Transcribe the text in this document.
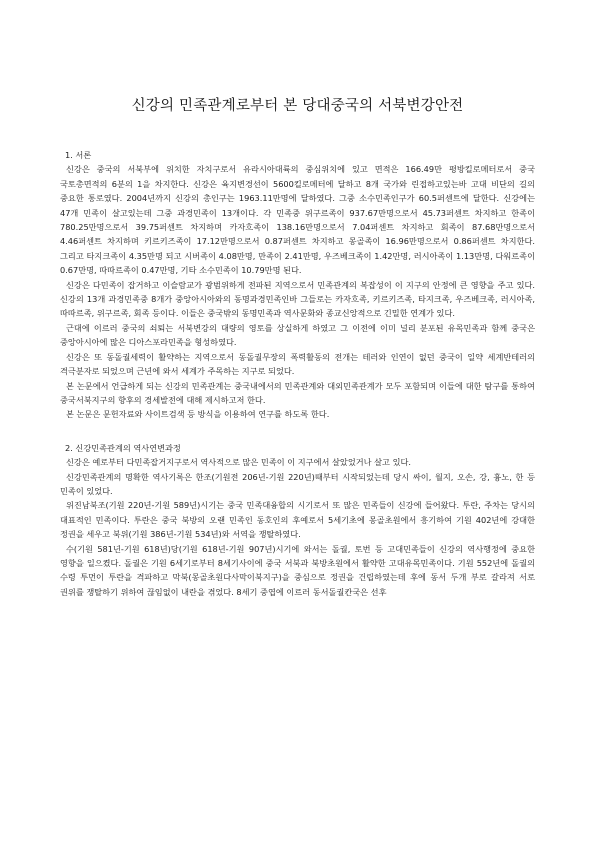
신강의 민족관계로부터 본 당대중국의 서북변강안전

1. 서론

신강은 중국의 서북부에 위치한 자치구로서 유라시아대륙의 중심위치에 있고 면적은 166.49만 평방킬로메터로서 중국 국토총면적의 6분의 1을 차지한다. 신강은 육지변경선이 5600킬로메터에 달하고 8개 국가와 린접하고있는바 고대 비단의 길의 중요한 통로였다. 2004년까지 신강의 총인구는 1963.11만명에 달하였다. 그중 소수민족인구가 60.5퍼센트에 달한다. 신강에는 47개 민족이 살고있는데 그중 과경민족이 13개이다. 각 민족중 위구르족이 937.67만명으로서 45.73퍼센트 차지하고 한족이 780.25만명으로서 39.75퍼센트 차지하며 카자흐족이 138.16만명으로서 7.04퍼센트 차지하고 회족이 87.68만명으로서 4.46퍼센트 차지하며 키르키즈족이 17.12만명으로서 0.87퍼센트 차지하고 몽골족이 16.96만명으로서 0.86퍼센트 차지한다. 그리고 타지크족이 4.35만명 되고 시버족이 4.08만명, 만족이 2.41만명, 우즈베크족이 1.42만명, 러시아족이 1.13만명, 다워르족이 0.67만명, 따따르족이 0.47만명, 기타 소수민족이 10.79만명 된다.

신강은 다민족이 잡거하고 이슬람교가 광범위하게 전파된 지역으로서 민족관계의 복잡성이 이 지구의 안정에 큰 영향을 주고 있다. 신강의 13개 과경민족중 8개가 중앙아시아와의 동명과경민족인바 그들로는 카자흐족, 키르키즈족, 타지크족, 우즈베크족, 러시아족, 따따르족, 위구르족, 회족 등이다. 이들은 중국밖의 동명민족과 역사문화와 종교신앙적으로 긴밀한 연계가 있다.

근대에 이르러 중국의 쇠퇴는 서북변강의 대량의 영토를 상실하게 하였고 그 이전에 이미 널리 분포된 유목민족과 함께 중국은 중앙아시아에 많은 디아스포라민족을 형성하였다.

신강은 또 동돌궐세력이 활약하는 지역으로서 동돌궐무장의 폭력활동의 전개는 테러와 인연이 없던 중국이 일약 세계반테러의 격극분자로 되었으며 근년에 와서 세계가 주목하는 지구로 되었다.

본 논문에서 언급하게 되는 신강의 민족관계는 중국내에서의 민족관계와 대외민족관계가 모두 포함되며 이들에 대한 탐구를 통하여 중국서북지구의 향후의 경세발전에 대해 제시하고저 한다.

본 논문은 문헌자료와 사이트검색 등 방식을 이용하여 연구를 하도록 한다.

2. 신강민족관계의 역사연변과정

신강은 예로부터 다민족잡거지구로서 역사적으로 많은 민족이 이 지구에서 살았었거나 살고 있다.

신강민족관계의 명확한 역사기록은 한조(기원전 206년-기원 220년)때부터 시작되었는데 당시 싸이, 월지, 오손, 강, 흉노, 한 등 민족이 있었다.

위진남북조(기원 220년-기원 589년)시기는 중국 민족대융합의 시기로서 또 많은 민족들이 신강에 들어왔다. 투란, 주차는 당시의 대표적인 민족이다. 투란은 중국 북방의 오랜 민족인 동호인의 후예로서 5세기초에 몽골초원에서 흥기하여 기원 402년에 강대한 정권을 세우고 북위(기원 386년-기원 534년)와 서역을 쟁탈하였다.

수(기원 581년-기원 618년)당(기원 618년-기원 907년)시기에 와서는 돌궐, 토번 등 고대민족들이 신강의 역사행정에 중요한 영향을 일으켰다. 돌궐은 기원 6세기로부터 8세기사이에 중국 서북과 북방초원에서 활약한 고대유목민족이다. 기원 552년에 돌궐의 수령 투먼이 투란을 격파하고 막북(몽골초원다사막이북지구)을 중심으로 정권을 건립하였는데 후에 동서 두개 부로 갈라져 서로 권위를 쟁탈하기 위하여 끊임없이 내란을 겪었다. 8세기 중엽에 이르러 동서돌궐칸국은 선후
